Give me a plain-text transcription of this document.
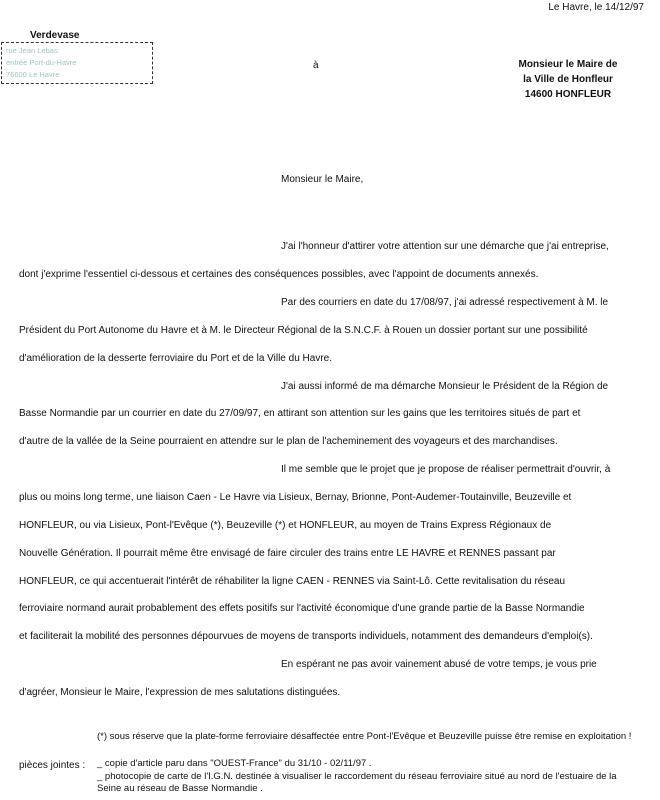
Le Havre, le 14/12/97
Verdevase
rue Jean Lebas
entrée Port-du-Havre
76600 Le Havre
à	Monsieur le Maire de
la Ville de Honfleur
14600 HONFLEUR
Monsieur le Maire,
J'ai l'honneur d'attirer votre attention sur une démarche que j'ai entreprise,
dont j'exprime l'essentiel ci-dessous et certaines des conséquences possibles, avec l'appoint de documents annexés.
Par des courriers en date du 17/08/97, j'ai adressé respectivement à M. le
Président du Port Autonome du Havre et à M. le Directeur Régional de la S.N.C.F. à Rouen un dossier portant sur une possibilité
d'amélioration de la desserte ferroviaire du Port et de la Ville du Havre.
J'ai aussi informé de ma démarche Monsieur le Président de la Région de
Basse Normandie par un courrier en date du 27/09/97, en attirant son attention sur les gains que les territoires situés de part et
d'autre de la vallée de la Seine pourraient en attendre sur le plan de l'acheminement des voyageurs et des marchandises.
Il me semble que le projet que je propose de réaliser permettrait d'ouvrir, à
plus ou moins long terme, une liaison Caen - Le Havre via Lisieux, Bernay, Brionne, Pont-Audemer-Toutainville, Beuzeville et
HONFLEUR, ou via Lisieux, Pont-l'Evêque (*), Beuzeville (*) et HONFLEUR, au moyen de Trains Express Régionaux de
Nouvelle Génération. Il pourrait même être envisagé de faire circuler des trains entre LE HAVRE et RENNES passant par
HONFLEUR, ce qui accentuerait l'intérêt de réhabiliter la ligne CAEN - RENNES via Saint-Lô. Cette revitalisation du réseau
ferroviaire normand aurait probablement des effets positifs sur l'activité économique d'une grande partie de la Basse Normandie
et faciliterait la mobilité des personnes dépourvues de moyens de transports individuels, notamment des demandeurs d'emploi(s).
En espérant ne pas avoir vainement abusé de votre temps, je vous prie
d'agréer, Monsieur le Maire, l'expression de mes salutations distinguées.
(*) sous réserve que la plate-forme ferroviaire désaffectée entre Pont-l'Evêque et Beuzeville puisse être remise en exploitation !
pièces jointes : _ copie d'article paru dans "OUEST-France" du 31/10 - 02/11/97 .
_ photocopie de carte de l'I.G.N. destinée à visualiser le raccordement du réseau ferroviaire situé au nord de l'estuaire de la Seine au réseau de Basse Normandie .
